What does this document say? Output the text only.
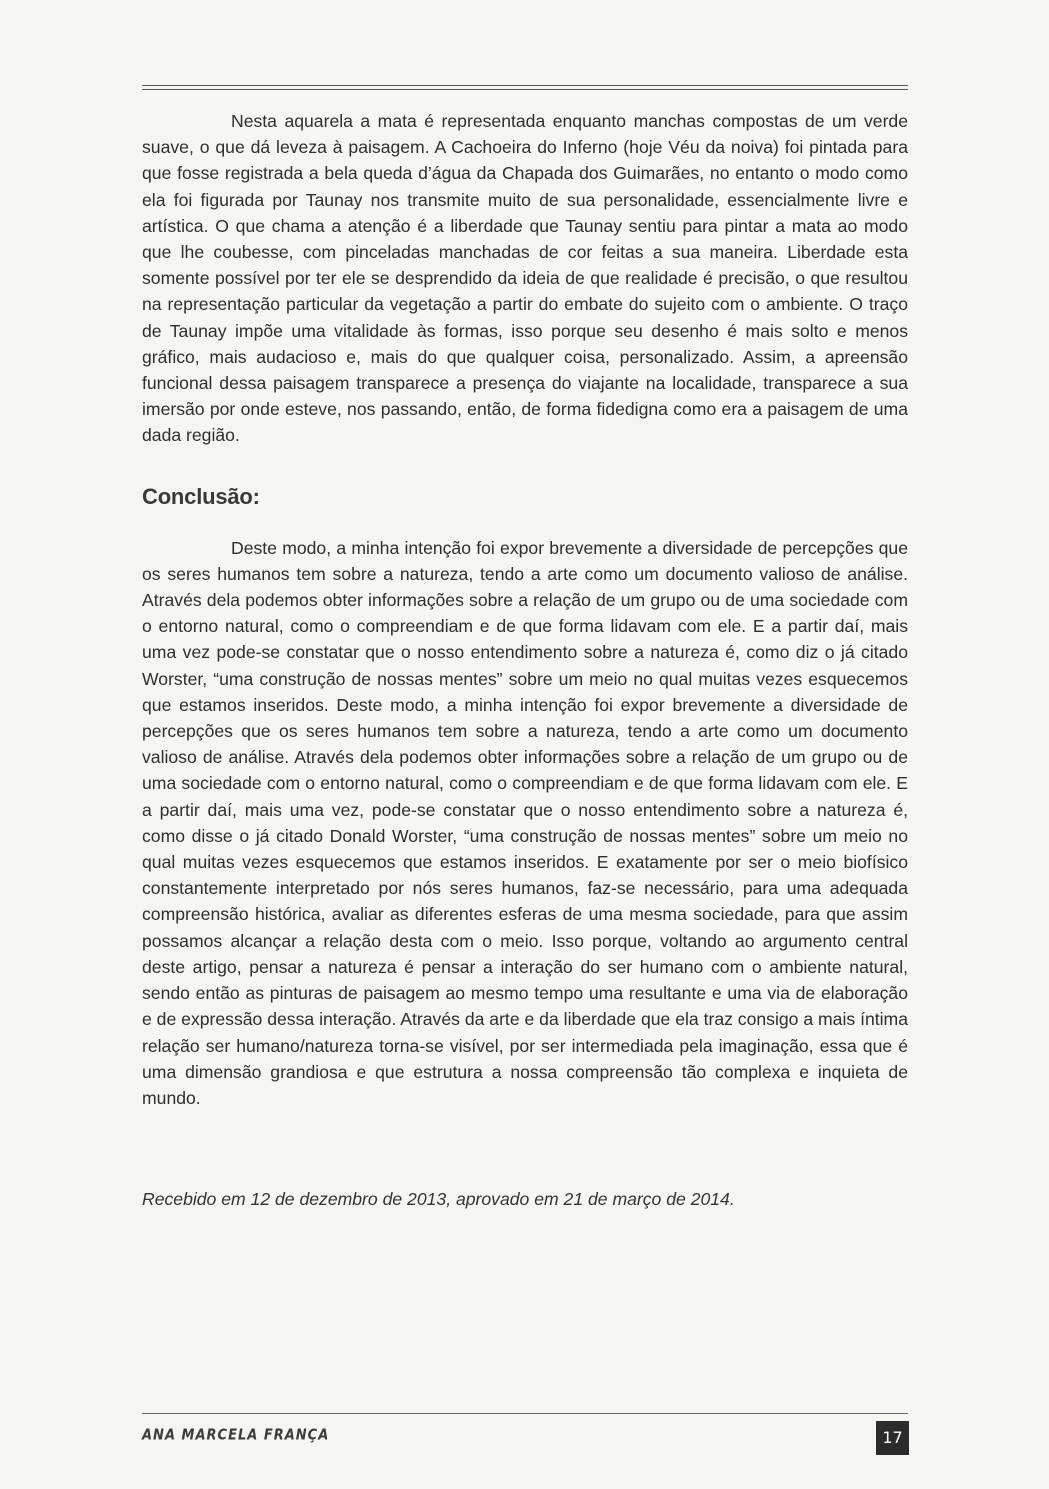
Nesta aquarela a mata é representada enquanto manchas compostas de um verde suave, o que dá leveza à paisagem. A Cachoeira do Inferno (hoje Véu da noiva) foi pintada para que fosse registrada a bela queda d’água da Chapada dos Guimarães, no entanto o modo como ela foi figurada por Taunay nos transmite muito de sua personalidade, essencialmente livre e artística. O que chama a atenção é a liberdade que Taunay sentiu para pintar a mata ao modo que lhe coubesse, com pinceladas manchadas de cor feitas a sua maneira. Liberdade esta somente possível por ter ele se desprendido da ideia de que realidade é precisão, o que resultou na representação particular da vegetação a partir do embate do sujeito com o ambiente. O traço de Taunay impõe uma vitalidade às formas, isso porque seu desenho é mais solto e menos gráfico, mais audacioso e, mais do que qualquer coisa, personalizado. Assim, a apreensão funcional dessa paisagem transparece a presença do viajante na localidade, transparece a sua imersão por onde esteve, nos passando, então, de forma fidedigna como era a paisagem de uma dada região.

Conclusão:

Deste modo, a minha intenção foi expor brevemente a diversidade de percepções que os seres humanos tem sobre a natureza, tendo a arte como um documento valioso de análise. Através dela podemos obter informações sobre a relação de um grupo ou de uma sociedade com o entorno natural, como o compreendiam e de que forma lidavam com ele. E a partir daí, mais uma vez pode-se constatar que o nosso entendimento sobre a natureza é, como diz o já citado Worster, “uma construção de nossas mentes” sobre um meio no qual muitas vezes esquecemos que estamos inseridos. Deste modo, a minha intenção foi expor brevemente a diversidade de percepções que os seres humanos tem sobre a natureza, tendo a arte como um documento valioso de análise. Através dela podemos obter informações sobre a relação de um grupo ou de uma sociedade com o entorno natural, como o compreendiam e de que forma lidavam com ele. E a partir daí, mais uma vez, pode-se constatar que o nosso entendimento sobre a natureza é, como disse o já citado Donald Worster, “uma construção de nossas mentes” sobre um meio no qual muitas vezes esquecemos que estamos inseridos. E exatamente por ser o meio biofísico constantemente interpretado por nós seres humanos, faz-se necessário, para uma adequada compreensão histórica, avaliar as diferentes esferas de uma mesma sociedade, para que assim possamos alcançar a relação desta com o meio. Isso porque, voltando ao argumento central deste artigo, pensar a natureza é pensar a interação do ser humano com o ambiente natural, sendo então as pinturas de paisagem ao mesmo tempo uma resultante e uma via de elaboração e de expressão dessa interação. Através da arte e da liberdade que ela traz consigo a mais íntima relação ser humano/natureza torna-se visível, por ser intermediada pela imaginação, essa que é uma dimensão grandiosa e que estrutura a nossa compreensão tão complexa e inquieta de mundo.

Recebido em 12 de dezembro de 2013, aprovado em 21 de março de 2014.
ANA MARCELA FRANÇA	17
